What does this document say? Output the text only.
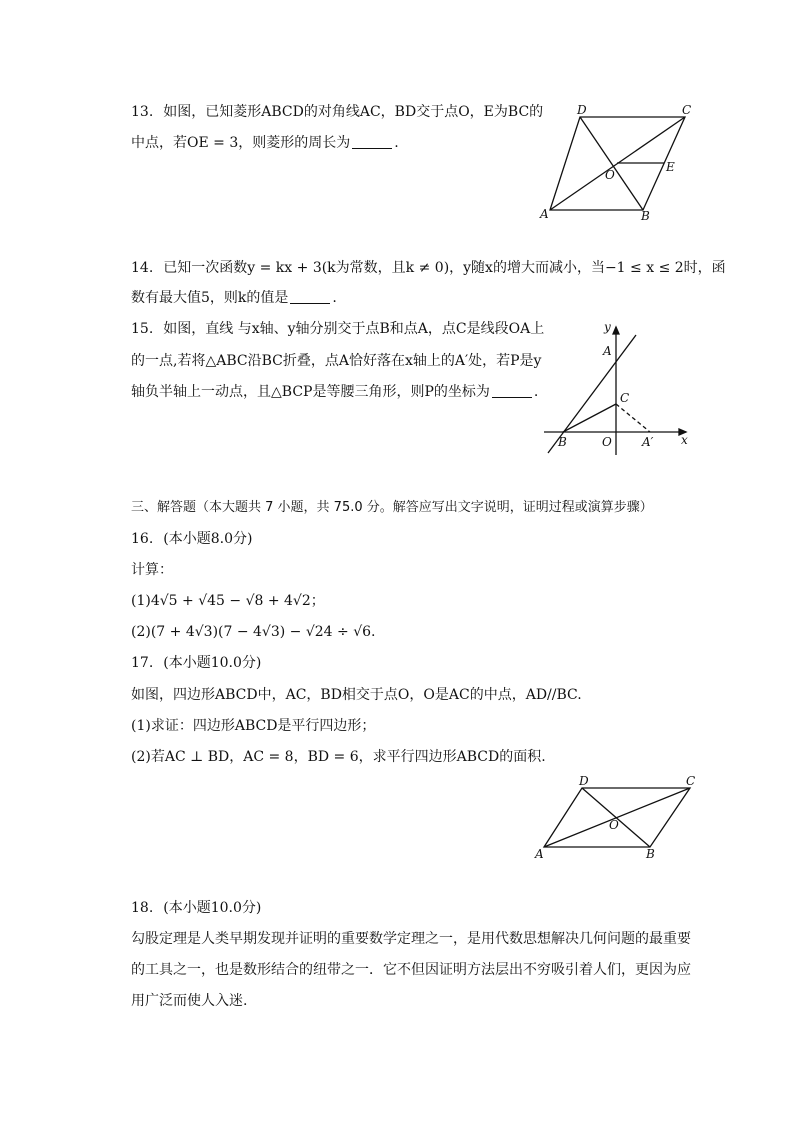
13. 如图，已知菱形ABCD的对角线AC，BD交于点O，E为BC的
中点，若OE = 3，则菱形的周长为	.
D	C
E
O
A	B
14. 已知一次函数y = kx + 3(k为常数，且k ≠ 0)，y随x的增大而减小，当−1 ≤ x ≤ 2时，函
数有最大值5，则k的值是	.
15. 如图，直线 与x轴、y轴分别交于点B和点A，点C是线段OA上
的一点,若将△ABC沿BC折叠，点A恰好落在x轴上的A′处，若P是y
轴负半轴上一动点，且△BCP是等腰三角形，则P的坐标为	.
y
x
A
C
B	O	A′
三、解答题（本大题共 7 小题，共 75.0 分。解答应写出文字说明，证明过程或演算步骤）
16. (本小题8.0分)
计算：
(1)4√5 + √45 − √8 + 4√2；
(2)(7 + 4√3)(7 − 4√3) − √24 ÷ √6.
17. (本小题10.0分)
如图，四边形ABCD中，AC，BD相交于点O，O是AC的中点，AD//BC.
(1)求证：四边形ABCD是平行四边形；
(2)若AC ⊥ BD，AC = 8，BD = 6，求平行四边形ABCD的面积.
D	C
O
A	B
18. (本小题10.0分)
勾股定理是人类早期发现并证明的重要数学定理之一，是用代数思想解决几何问题的最重要
的工具之一，也是数形结合的纽带之一．它不但因证明方法层出不穷吸引着人们，更因为应
用广泛而使人入迷.
